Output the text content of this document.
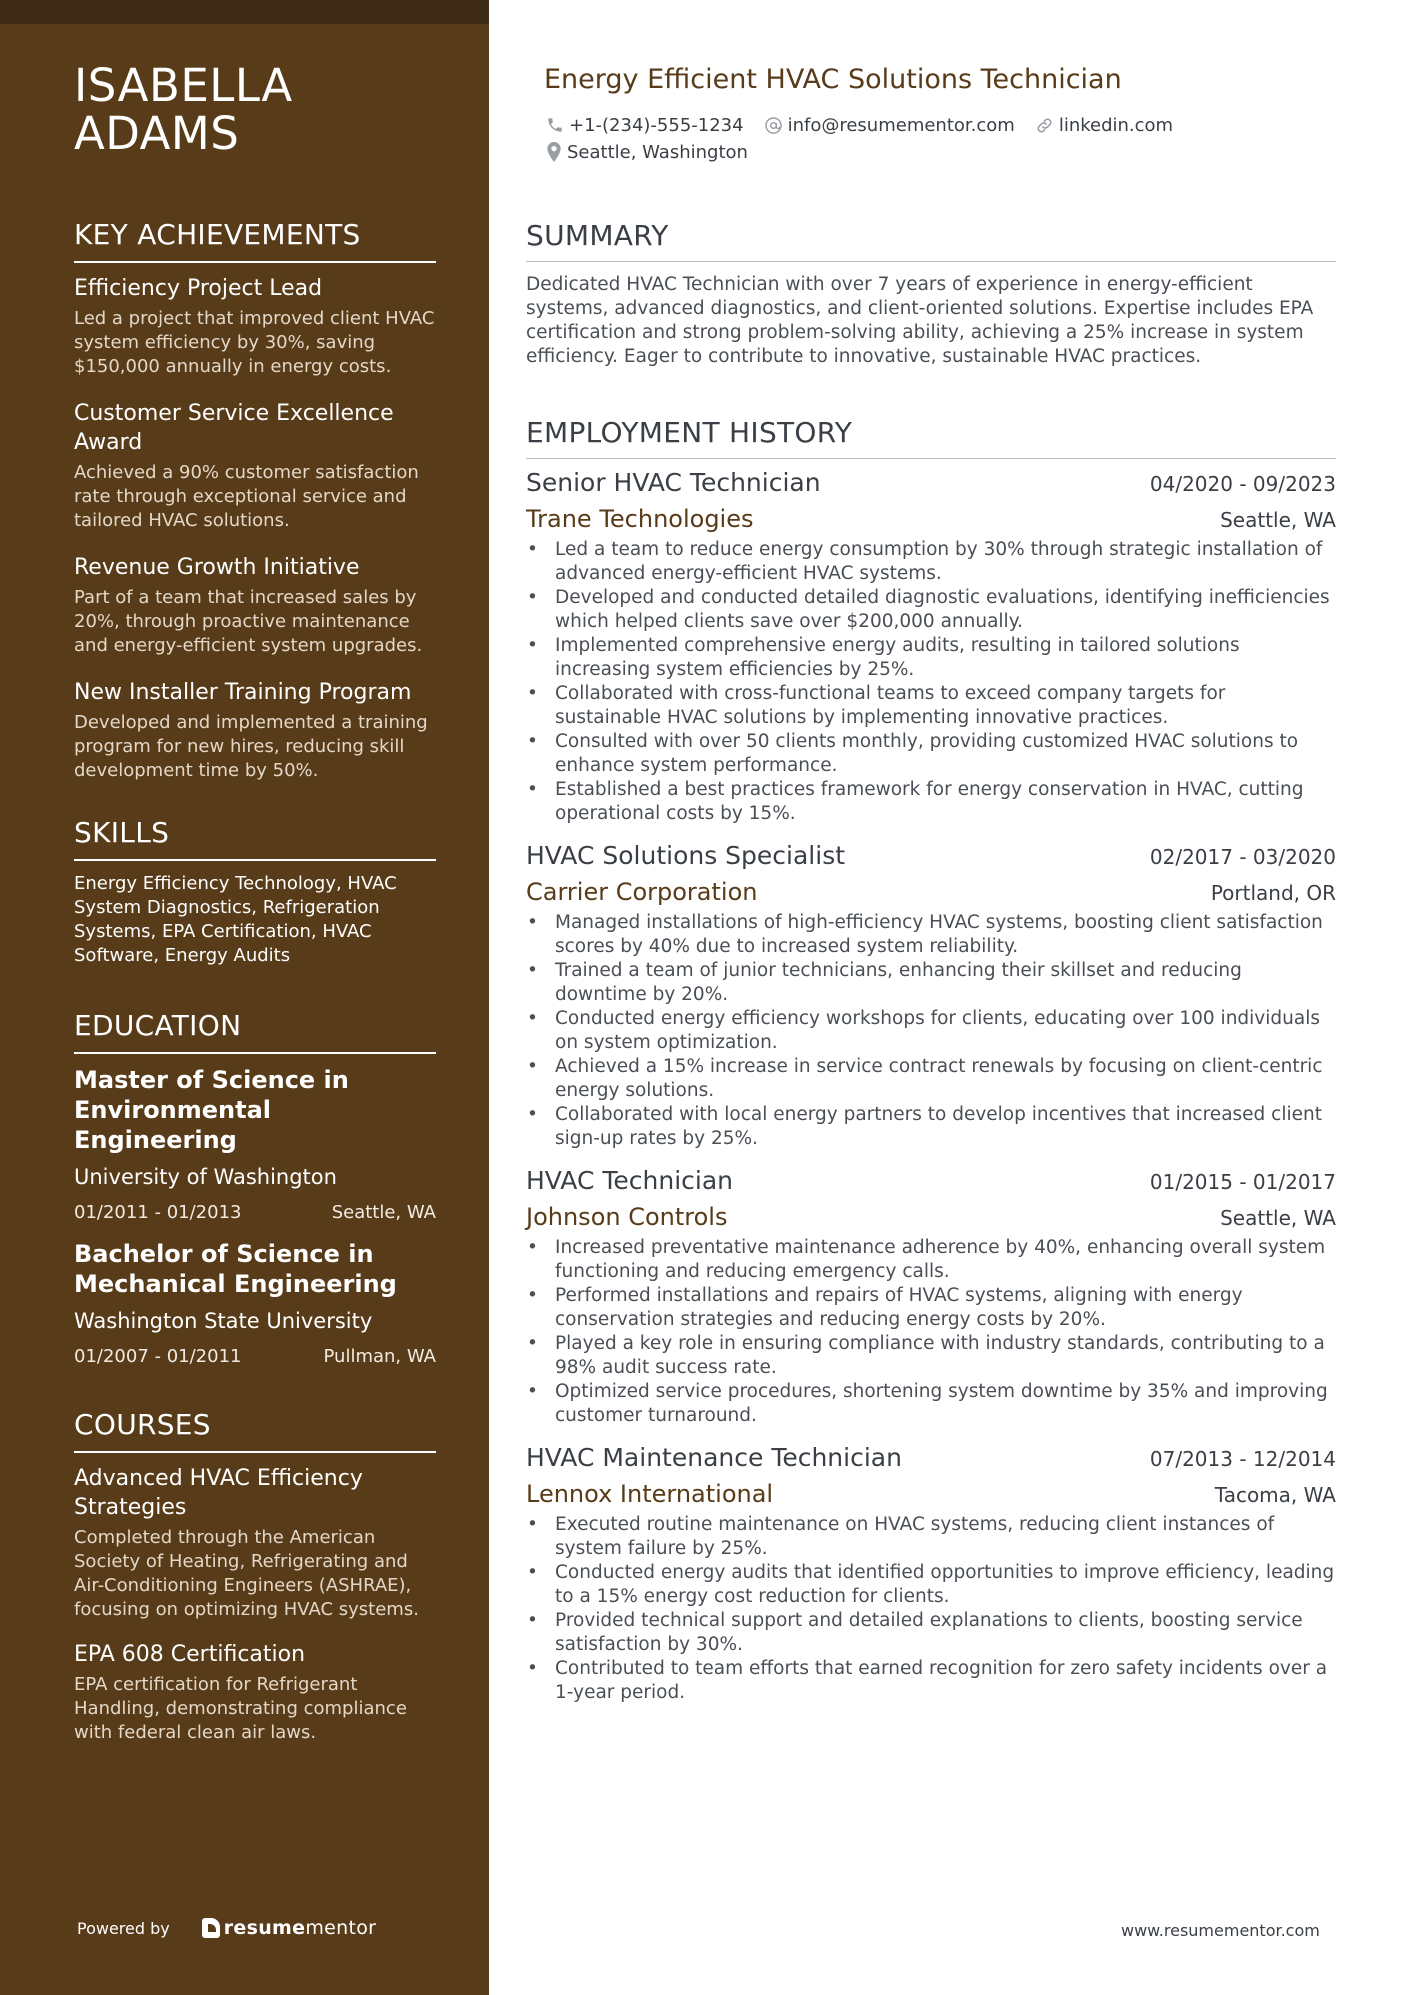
ISABELLA
ADAMS
KEY ACHIEVEMENTS
Efficiency Project Lead
Led a project that improved client HVAC system efficiency by 30%, saving $150,000 annually in energy costs.
Customer Service Excellence Award
Achieved a 90% customer satisfaction rate through exceptional service and tailored HVAC solutions.
Revenue Growth Initiative
Part of a team that increased sales by 20%, through proactive maintenance and energy-efficient system upgrades.
New Installer Training Program
Developed and implemented a training program for new hires, reducing skill development time by 50%.
SKILLS
Energy Efficiency Technology, HVAC System Diagnostics, Refrigeration Systems, EPA Certification, HVAC Software, Energy Audits
EDUCATION
Master of Science in Environmental Engineering
University of Washington
01/2011 - 01/2013	Seattle, WA
Bachelor of Science in Mechanical Engineering
Washington State University
01/2007 - 01/2011	Pullman, WA
COURSES
Advanced HVAC Efficiency Strategies
Completed through the American Society of Heating, Refrigerating and Air-Conditioning Engineers (ASHRAE), focusing on optimizing HVAC systems.
EPA 608 Certification
EPA certification for Refrigerant Handling, demonstrating compliance with federal clean air laws.
Powered by	resumementor
Energy Efficient HVAC Solutions Technician
+1-(234)-555-1234 info@resumementor.com linkedin.com
Seattle, Washington
SUMMARY
Dedicated HVAC Technician with over 7 years of experience in energy-efficient systems, advanced diagnostics, and client-oriented solutions. Expertise includes EPA certification and strong problem-solving ability, achieving a 25% increase in system efficiency. Eager to contribute to innovative, sustainable HVAC practices.
EMPLOYMENT HISTORY
Senior HVAC Technician	04/2020 - 09/2023
Trane Technologies	Seattle, WA
• Led a team to reduce energy consumption by 30% through strategic installation of advanced energy-efficient HVAC systems.
• Developed and conducted detailed diagnostic evaluations, identifying inefficiencies which helped clients save over $200,000 annually.
• Implemented comprehensive energy audits, resulting in tailored solutions increasing system efficiencies by 25%.
• Collaborated with cross-functional teams to exceed company targets for sustainable HVAC solutions by implementing innovative practices.
• Consulted with over 50 clients monthly, providing customized HVAC solutions to enhance system performance.
• Established a best practices framework for energy conservation in HVAC, cutting operational costs by 15%.
HVAC Solutions Specialist	02/2017 - 03/2020
Carrier Corporation	Portland, OR
• Managed installations of high-efficiency HVAC systems, boosting client satisfaction scores by 40% due to increased system reliability.
• Trained a team of junior technicians, enhancing their skillset and reducing downtime by 20%.
• Conducted energy efficiency workshops for clients, educating over 100 individuals on system optimization.
• Achieved a 15% increase in service contract renewals by focusing on client-centric energy solutions.
• Collaborated with local energy partners to develop incentives that increased client sign-up rates by 25%.
HVAC Technician	01/2015 - 01/2017
Johnson Controls	Seattle, WA
• Increased preventative maintenance adherence by 40%, enhancing overall system functioning and reducing emergency calls.
• Performed installations and repairs of HVAC systems, aligning with energy conservation strategies and reducing energy costs by 20%.
• Played a key role in ensuring compliance with industry standards, contributing to a 98% audit success rate.
• Optimized service procedures, shortening system downtime by 35% and improving customer turnaround.
HVAC Maintenance Technician	07/2013 - 12/2014
Lennox International	Tacoma, WA
• Executed routine maintenance on HVAC systems, reducing client instances of system failure by 25%.
• Conducted energy audits that identified opportunities to improve efficiency, leading to a 15% energy cost reduction for clients.
• Provided technical support and detailed explanations to clients, boosting service satisfaction by 30%.
• Contributed to team efforts that earned recognition for zero safety incidents over a 1-year period.
www.resumementor.com
